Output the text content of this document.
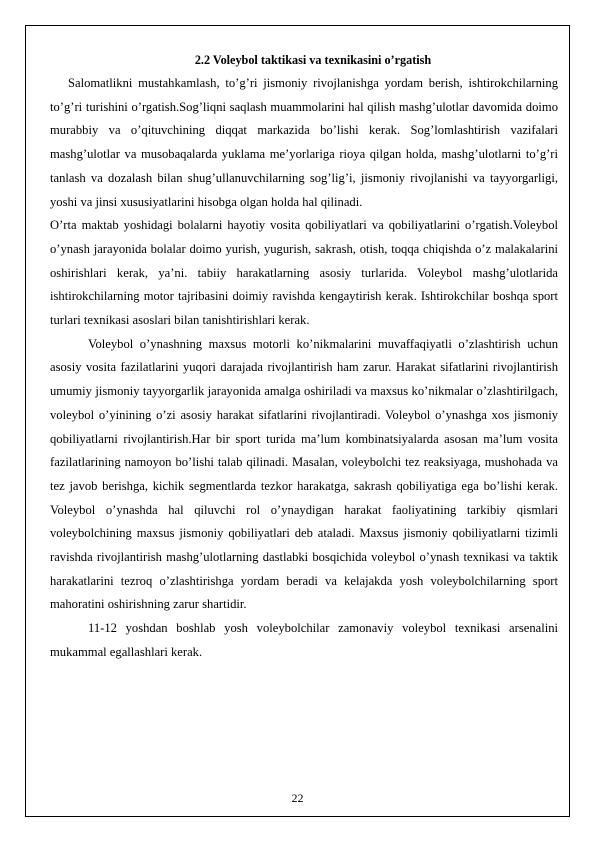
2.2 Voleybol taktikasi va texnikasini o’rgatish

Salomatlikni mustahkamlash, to’g’ri jismoniy rivojlanishga yordam berish, ishtirokchilarning to’g’ri turishini o’rgatish.Sog’liqni saqlash muammolarini hal qilish mashg’ulotlar davomida doimo murabbiy va o’qituvchining diqqat markazida bo’lishi kerak. Sog’lomlashtirish vazifalari mashg’ulotlar va musobaqalarda yuklama me’yorlariga rioya qilgan holda, mashg’ulotlarni to’g’ri tanlash va dozalash bilan shug’ullanuvchilarning sog’lig’i, jismoniy rivojlanishi va tayyorgarligi, yoshi va jinsi xususiyatlarini hisobga olgan holda hal qilinadi.

O’rta maktab yoshidagi bolalarni hayotiy vosita qobiliyatlari va qobiliyatlarini o’rgatish.Voleybol o’ynash jarayonida bolalar doimo yurish, yugurish, sakrash, otish, toqqa chiqishda o’z malakalarini oshirishlari kerak, ya’ni. tabiiy harakatlarning asosiy turlarida. Voleybol mashg’ulotlarida ishtirokchilarning motor tajribasini doimiy ravishda kengaytirish kerak. Ishtirokchilar boshqa sport turlari texnikasi asoslari bilan tanishtirishlari kerak.

Voleybol o’ynashning maxsus motorli ko’nikmalarini muvaffaqiyatli o’zlashtirish uchun asosiy vosita fazilatlarini yuqori darajada rivojlantirish ham zarur. Harakat sifatlarini rivojlantirish umumiy jismoniy tayyorgarlik jarayonida amalga oshiriladi va maxsus ko’nikmalar o’zlashtirilgach, voleybol o’yinining o’zi asosiy harakat sifatlarini rivojlantiradi. Voleybol o’ynashga xos jismoniy qobiliyatlarni rivojlantirish.Har bir sport turida ma’lum kombinatsiyalarda asosan ma’lum vosita fazilatlarining namoyon bo’lishi talab qilinadi. Masalan, voleybolchi tez reaksiyaga, mushohada va tez javob berishga, kichik segmentlarda tezkor harakatga, sakrash qobiliyatiga ega bo’lishi kerak. Voleybol o’ynashda hal qiluvchi rol o’ynaydigan harakat faoliyatining tarkibiy qismlari voleybolchining maxsus jismoniy qobiliyatlari deb ataladi. Maxsus jismoniy qobiliyatlarni tizimli ravishda rivojlantirish mashg’ulotlarning dastlabki bosqichida voleybol o’ynash texnikasi va taktik harakatlarini tezroq o’zlashtirishga yordam beradi va kelajakda yosh voleybolchilarning sport mahoratini oshirishning zarur shartidir.

11-12 yoshdan boshlab yosh voleybolchilar zamonaviy voleybol texnikasi arsenalini mukammal egallashlari kerak.

22
